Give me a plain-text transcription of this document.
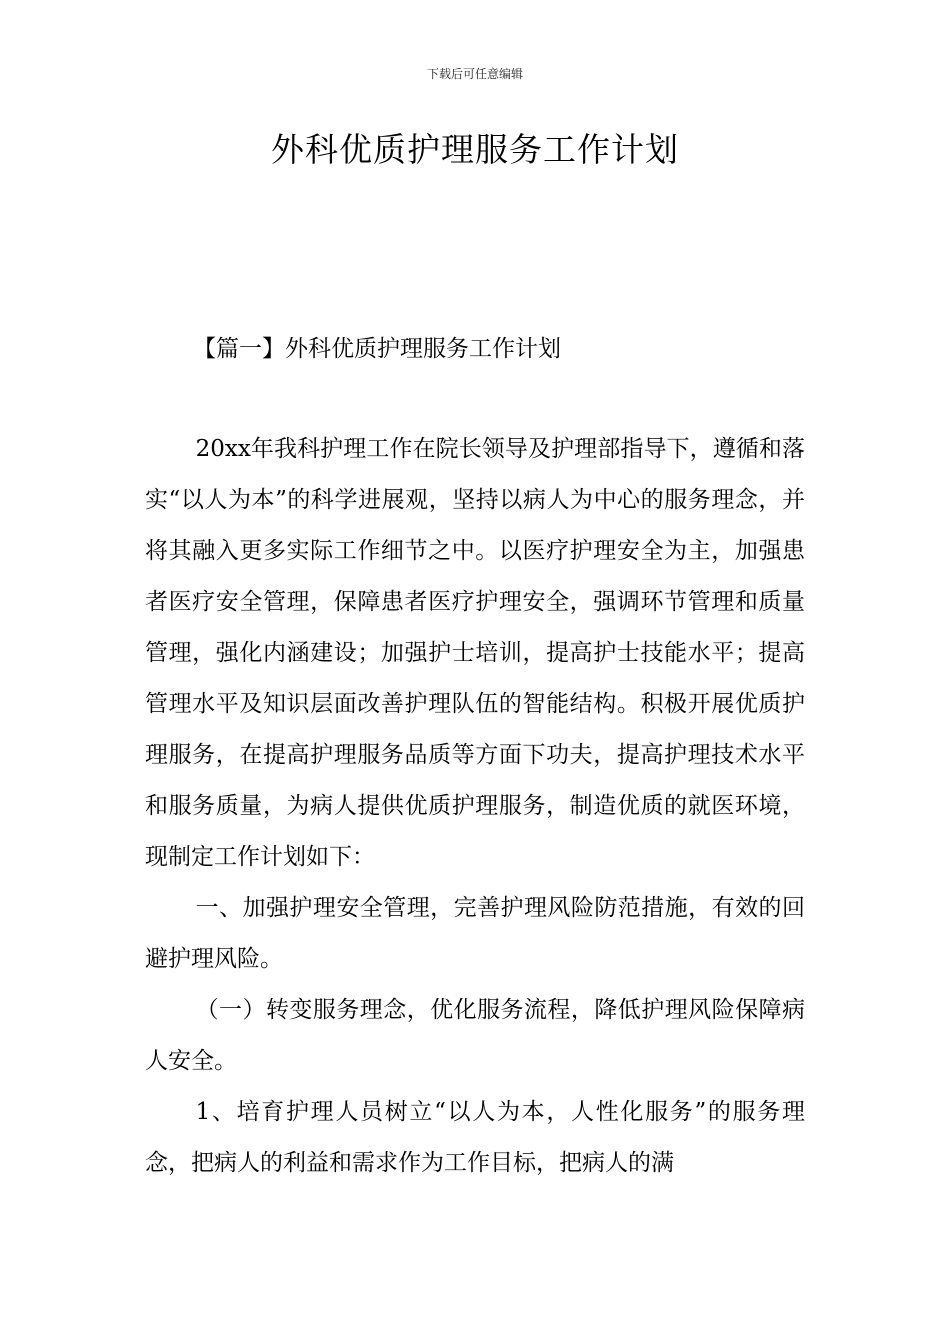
下载后可任意编辑
外科优质护理服务工作计划
【篇一】外科优质护理服务工作计划

20xx年我科护理工作在院长领导及护理部指导下，遵循和落实“以人为本”的科学进展观，坚持以病人为中心的服务理念，并将其融入更多实际工作细节之中。以医疗护理安全为主，加强患者医疗安全管理，保障患者医疗护理安全，强调环节管理和质量管理，强化内涵建设；加强护士培训，提高护士技能水平；提高管理水平及知识层面改善护理队伍的智能结构。积极开展优质护理服务，在提高护理服务品质等方面下功夫，提高护理技术水平和服务质量，为病人提供优质护理服务，制造优质的就医环境，现制定工作计划如下：

一、加强护理安全管理，完善护理风险防范措施，有效的回避护理风险。

（一）转变服务理念，优化服务流程，降低护理风险保障病人安全。

1、培育护理人员树立“以人为本，人性化服务”的服务理念，把病人的利益和需求作为工作目标，把病人的满
